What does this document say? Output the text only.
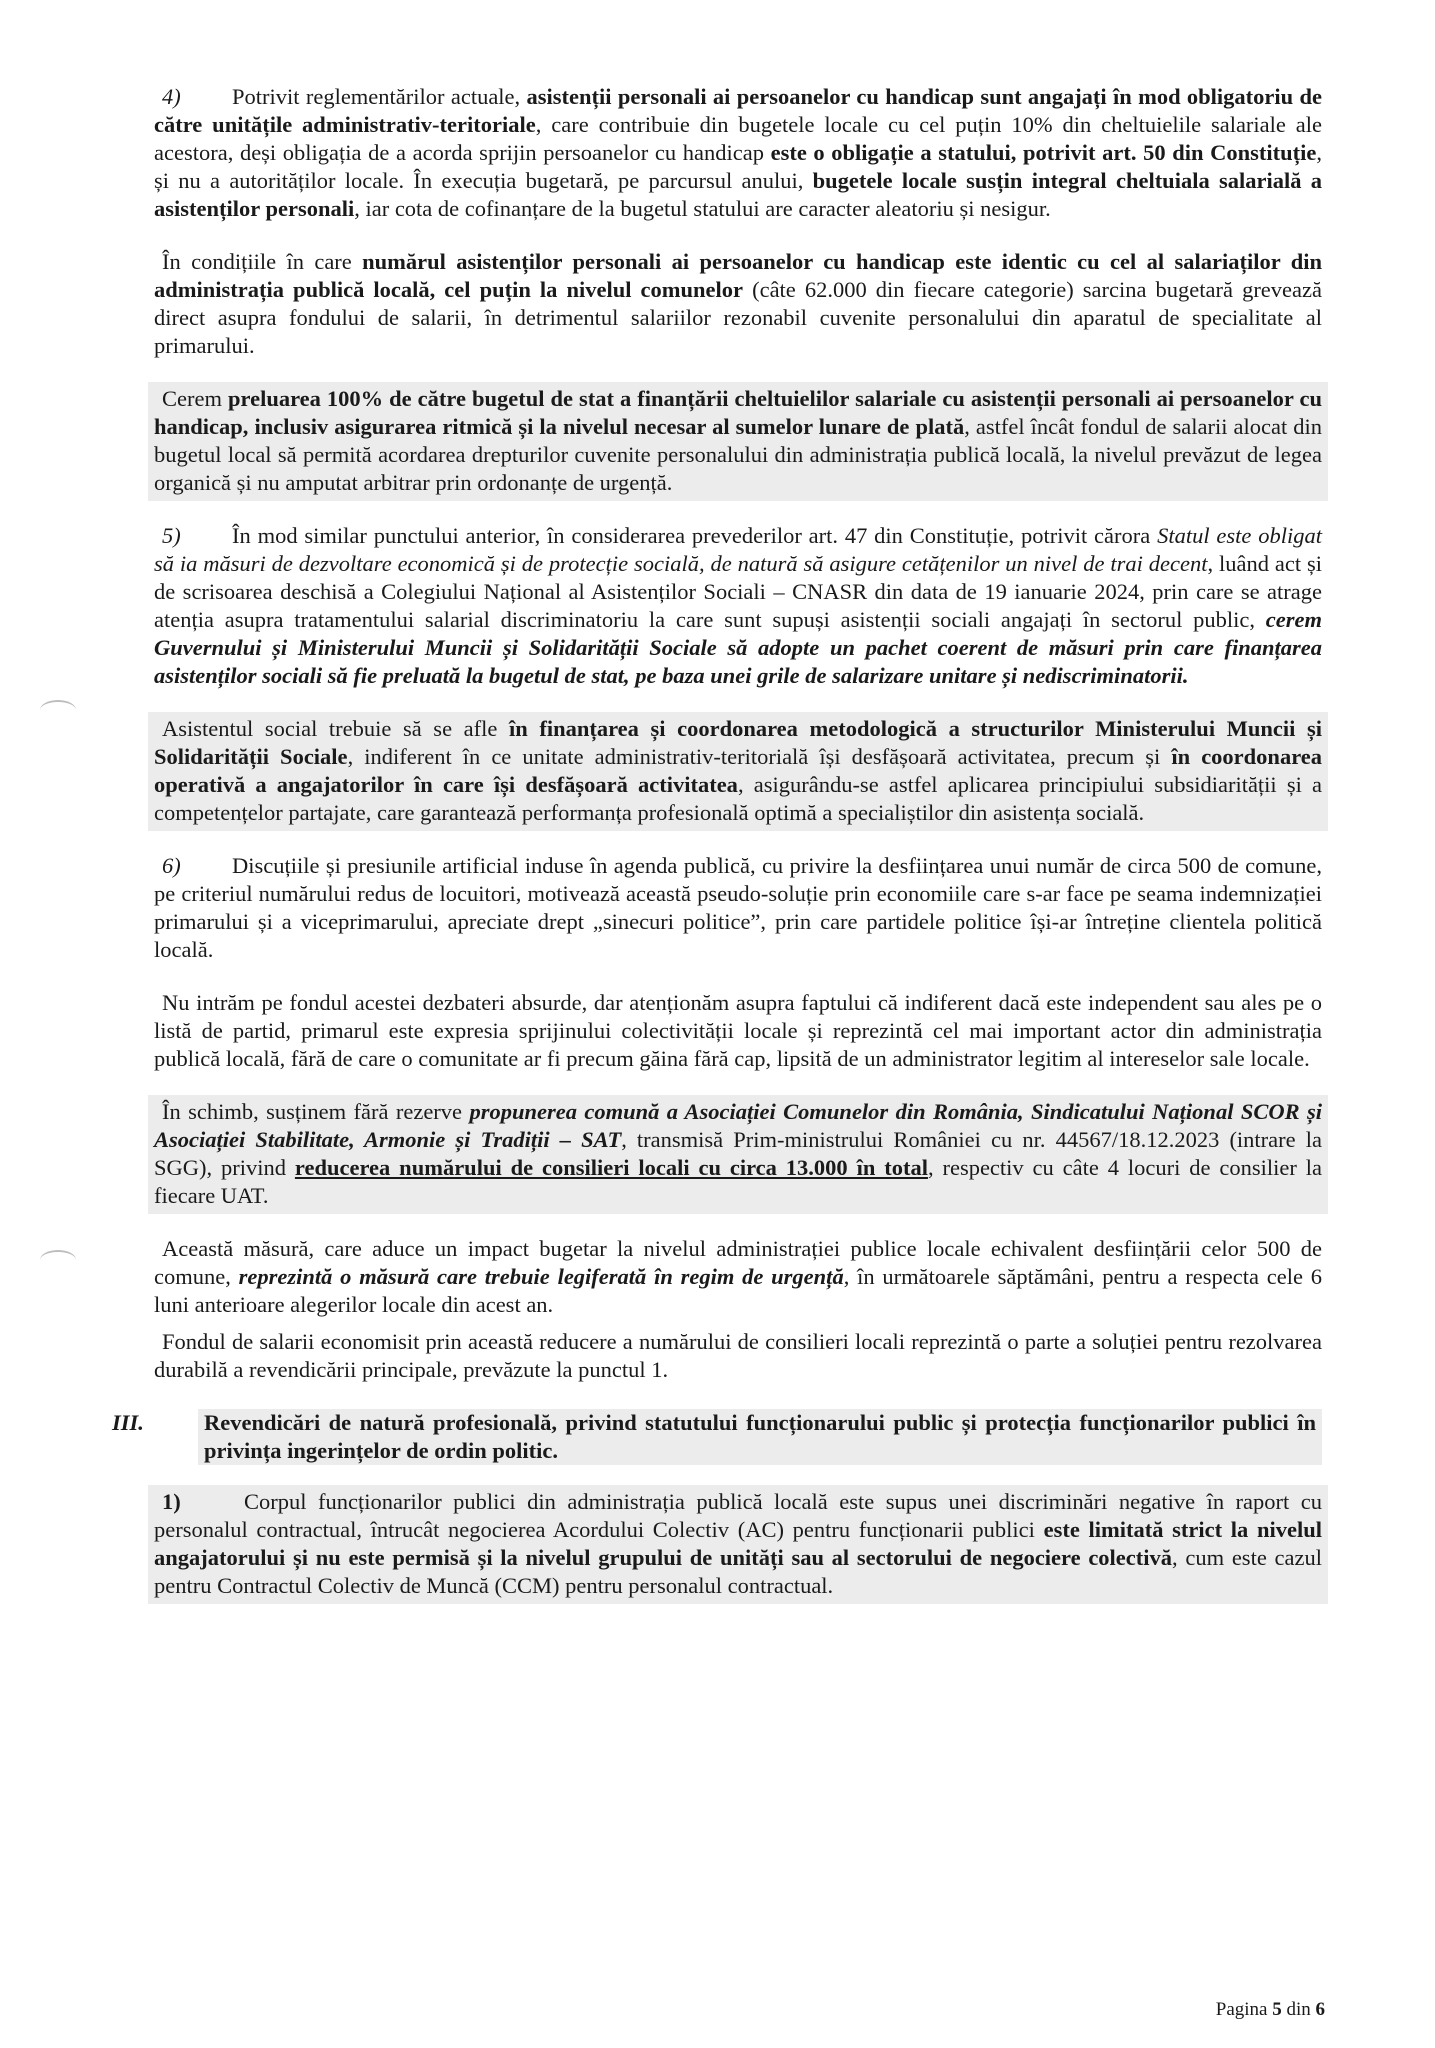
4) Potrivit reglementărilor actuale, asistenții personali ai persoanelor cu handicap sunt angajați în mod obligatoriu de către unitățile administrativ-teritoriale, care contribuie din bugetele locale cu cel puțin 10% din cheltuielile salariale ale acestora, deși obligația de a acorda sprijin persoanelor cu handicap este o obligație a statului, potrivit art. 50 din Constituție, și nu a autorităților locale. În execuția bugetară, pe parcursul anului, bugetele locale susțin integral cheltuiala salarială a asistenților personali, iar cota de cofinanțare de la bugetul statului are caracter aleatoriu și nesigur.

În condițiile în care numărul asistenților personali ai persoanelor cu handicap este identic cu cel al salariaților din administrația publică locală, cel puțin la nivelul comunelor (câte 62.000 din fiecare categorie) sarcina bugetară grevează direct asupra fondului de salarii, în detrimentul salariilor rezonabil cuvenite personalului din aparatul de specialitate al primarului.

Cerem preluarea 100% de către bugetul de stat a finanțării cheltuielilor salariale cu asistenții personali ai persoanelor cu handicap, inclusiv asigurarea ritmică și la nivelul necesar al sumelor lunare de plată, astfel încât fondul de salarii alocat din bugetul local să permită acordarea drepturilor cuvenite personalului din administrația publică locală, la nivelul prevăzut de legea organică și nu amputat arbitrar prin ordonanțe de urgență.

5) În mod similar punctului anterior, în considerarea prevederilor art. 47 din Constituție, potrivit cărora Statul este obligat să ia măsuri de dezvoltare economică și de protecție socială, de natură să asigure cetățenilor un nivel de trai decent, luând act și de scrisoarea deschisă a Colegiului Național al Asistenților Sociali – CNASR din data de 19 ianuarie 2024, prin care se atrage atenția asupra tratamentului salarial discriminatoriu la care sunt supuși asistenții sociali angajați în sectorul public, cerem Guvernului și Ministerului Muncii și Solidarității Sociale să adopte un pachet coerent de măsuri prin care finanțarea asistenților sociali să fie preluată la bugetul de stat, pe baza unei grile de salarizare unitare și nediscriminatorii.

Asistentul social trebuie să se afle în finanțarea și coordonarea metodologică a structurilor Ministerului Muncii și Solidarității Sociale, indiferent în ce unitate administrativ-teritorială își desfășoară activitatea, precum și în coordonarea operativă a angajatorilor în care își desfășoară activitatea, asigurându-se astfel aplicarea principiului subsidiarității și a competențelor partajate, care garantează performanța profesională optimă a specialiștilor din asistența socială.

6) Discuțiile și presiunile artificial induse în agenda publică, cu privire la desființarea unui număr de circa 500 de comune, pe criteriul numărului redus de locuitori, motivează această pseudo-soluție prin economiile care s-ar face pe seama indemnizației primarului și a viceprimarului, apreciate drept „sinecuri politice”, prin care partidele politice își-ar întreține clientela politică locală.

Nu intrăm pe fondul acestei dezbateri absurde, dar atenționăm asupra faptului că indiferent dacă este independent sau ales pe o listă de partid, primarul este expresia sprijinului colectivității locale și reprezintă cel mai important actor din administrația publică locală, fără de care o comunitate ar fi precum găina fără cap, lipsită de un administrator legitim al intereselor sale locale.

În schimb, susținem fără rezerve propunerea comună a Asociației Comunelor din România, Sindicatului Național SCOR și Asociației Stabilitate, Armonie și Tradiții – SAT, transmisă Prim-ministrului României cu nr. 44567/18.12.2023 (intrare la SGG), privind reducerea numărului de consilieri locali cu circa 13.000 în total, respectiv cu câte 4 locuri de consilier la fiecare UAT.

Această măsură, care aduce un impact bugetar la nivelul administrației publice locale echivalent desființării celor 500 de comune, reprezintă o măsură care trebuie legiferată în regim de urgență, în următoarele săptămâni, pentru a respecta cele 6 luni anterioare alegerilor locale din acest an.

Fondul de salarii economisit prin această reducere a numărului de consilieri locali reprezintă o parte a soluției pentru rezolvarea durabilă a revendicării principale, prevăzute la punctul 1.

III.	Revendicări de natură profesională, privind statutului funcționarului public și protecția funcționarilor publici în privința ingerințelor de ordin politic.

1)	Corpul funcționarilor publici din administrația publică locală este supus unei discriminări negative în raport cu personalul contractual, întrucât negocierea Acordului Colectiv (AC) pentru funcționarii publici este limitată strict la nivelul angajatorului și nu este permisă și la nivelul grupului de unități sau al sectorului de negociere colectivă, cum este cazul pentru Contractul Colectiv de Muncă (CCM) pentru personalul contractual.

Pagina 5 din 6
